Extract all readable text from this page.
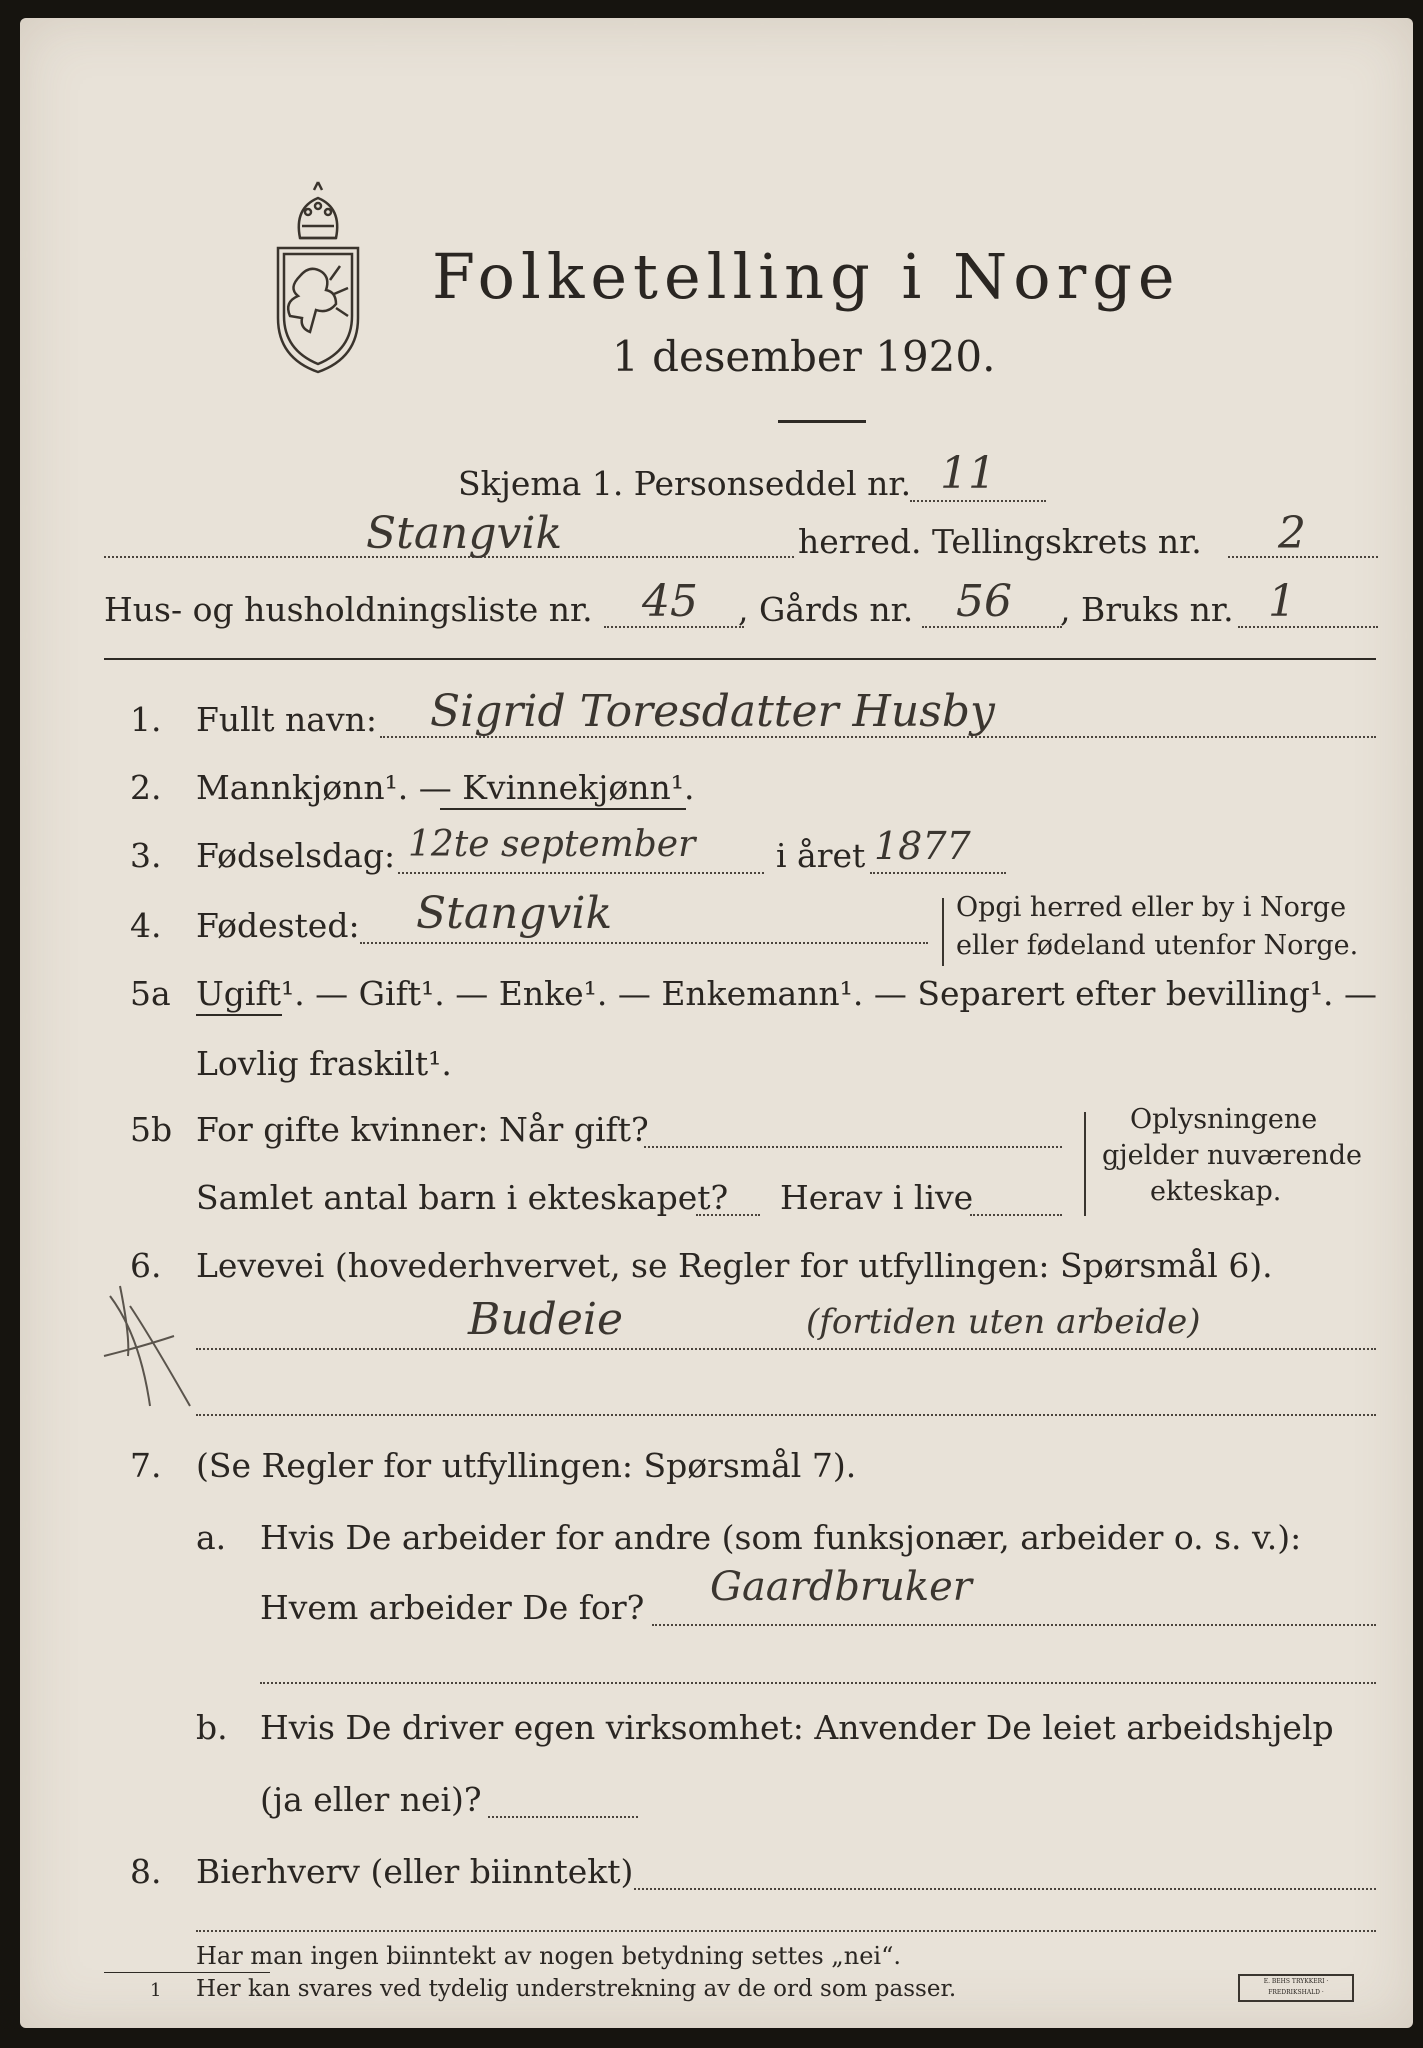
Folketelling i Norge
1 desember 1920.
Skjema 1. Personseddel nr. 11
Stangvik	herred. Tellingskrets nr. 2
Hus- og husholdningsliste nr. 45 , Gårds nr. 56 , Bruks nr. 1
1. Fullt navn: Sigrid Toresdatter Husby
2. Mannkjønn¹. — Kvinnekjønn¹.
3. Fødselsdag: 12te september i året 1877
4. Fødested: Stangvik	Opgi herred eller by i Norge
eller fødeland utenfor Norge.
5a Ugift¹. — Gift¹. — Enke¹. — Enkemann¹. — Separert efter bevilling¹. —
Lovlig fraskilt¹.
5b For gifte kvinner: Når gift?
Samlet antal barn i ekteskapet? Herav i live
Oplysningene
gjelder nuværende
ekteskap.
6. Levevei (hovederhvervet, se Regler for utfyllingen: Spørsmål 6).
Budeie	(fortiden uten arbeide)
7. (Se Regler for utfyllingen: Spørsmål 7).
a. Hvis De arbeider for andre (som funksjonær, arbeider o. s. v.):
Hvem arbeider De for? Gaardbruker
b. Hvis De driver egen virksomhet: Anvender De leiet arbeidshjelp
(ja eller nei)?
8. Bierhverv (eller biinntekt)
Har man ingen biinntekt av nogen betydning settes „nei“.
1 Her kan svares ved tydelig understrekning av de ord som passer.	E. BEHS TRYKKERI · FREDRIKSHALD ·
